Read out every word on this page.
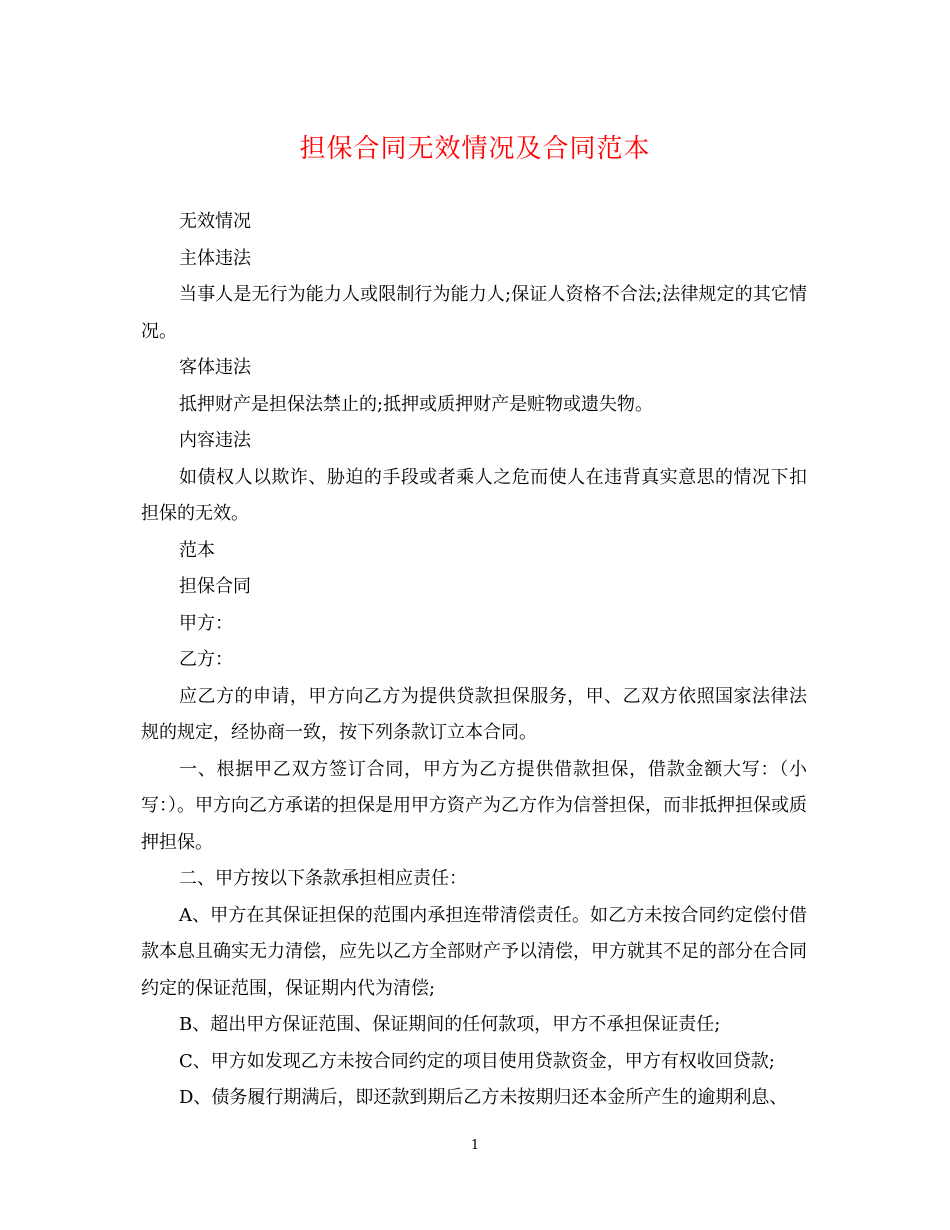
担保合同无效情况及合同范本

无效情况

主体违法

当事人是无行为能力人或限制行为能力人;保证人资格不合法;法律规定的其它情况。

客体违法

抵押财产是担保法禁止的;抵押或质押财产是赃物或遗失物。

内容违法

如债权人以欺诈、胁迫的手段或者乘人之危而使人在违背真实意思的情况下扣担保的无效。

范本

担保合同

甲方：

乙方：

应乙方的申请，甲方向乙方为提供贷款担保服务，甲、乙双方依照国家法律法规的规定，经协商一致，按下列条款订立本合同。

一、根据甲乙双方签订合同，甲方为乙方提供借款担保，借款金额大写：（小写：）。甲方向乙方承诺的担保是用甲方资产为乙方作为信誉担保，而非抵押担保或质押担保。

二、甲方按以下条款承担相应责任：

A、甲方在其保证担保的范围内承担连带清偿责任。如乙方未按合同约定偿付借款本息且确实无力清偿，应先以乙方全部财产予以清偿，甲方就其不足的部分在合同约定的保证范围，保证期内代为清偿;

B、超出甲方保证范围、保证期间的任何款项，甲方不承担保证责任;

C、甲方如发现乙方未按合同约定的项目使用贷款资金，甲方有权收回贷款;

D、债务履行期满后，即还款到期后乙方未按期归还本金所产生的逾期利息、

1
